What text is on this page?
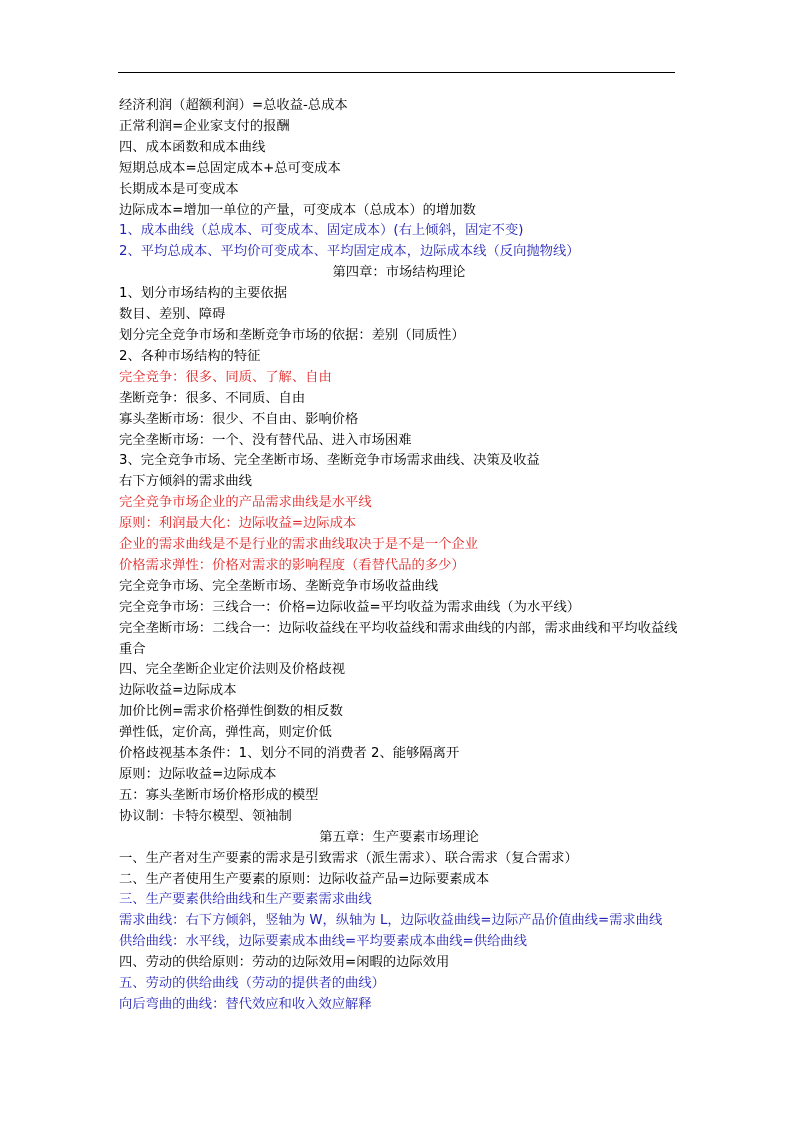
经济利润（超额利润）=总收益-总成本
正常利润=企业家支付的报酬
四、成本函数和成本曲线
短期总成本=总固定成本+总可变成本
长期成本是可变成本
边际成本=增加一单位的产量，可变成本（总成本）的增加数
1、成本曲线（总成本、可变成本、固定成本）(右上倾斜，固定不变)
2、平均总成本、平均价可变成本、平均固定成本，边际成本线（反向抛物线）
第四章：市场结构理论
1、划分市场结构的主要依据
数目、差别、障碍
划分完全竞争市场和垄断竞争市场的依据：差别（同质性）
2、各种市场结构的特征
完全竞争：很多、同质、了解、自由
垄断竞争：很多、不同质、自由
寡头垄断市场：很少、不自由、影响价格
完全垄断市场：一个、没有替代品、进入市场困难
3、完全竞争市场、完全垄断市场、垄断竞争市场需求曲线、决策及收益
右下方倾斜的需求曲线
完全竞争市场企业的产品需求曲线是水平线
原则：利润最大化：边际收益=边际成本
企业的需求曲线是不是行业的需求曲线取决于是不是一个企业
价格需求弹性：价格对需求的影响程度（看替代品的多少）
完全竞争市场、完全垄断市场、垄断竞争市场收益曲线
完全竞争市场：三线合一：价格=边际收益=平均收益为需求曲线（为水平线）
完全垄断市场：二线合一：边际收益线在平均收益线和需求曲线的内部，需求曲线和平均收益线重合
四、完全垄断企业定价法则及价格歧视
边际收益=边际成本
加价比例=需求价格弹性倒数的相反数
弹性低，定价高，弹性高，则定价低
价格歧视基本条件：1、划分不同的消费者 2、能够隔离开
原则：边际收益=边际成本
五：寡头垄断市场价格形成的模型
协议制：卡特尔模型、领袖制
第五章：生产要素市场理论
一、生产者对生产要素的需求是引致需求（派生需求）、联合需求（复合需求）
二、生产者使用生产要素的原则：边际收益产品=边际要素成本
三、生产要素供给曲线和生产要素需求曲线
需求曲线：右下方倾斜，竖轴为 W，纵轴为 L，边际收益曲线=边际产品价值曲线=需求曲线
供给曲线：水平线，边际要素成本曲线=平均要素成本曲线=供给曲线
四、劳动的供给原则：劳动的边际效用=闲暇的边际效用
五、劳动的供给曲线（劳动的提供者的曲线）
向后弯曲的曲线：替代效应和收入效应解释
